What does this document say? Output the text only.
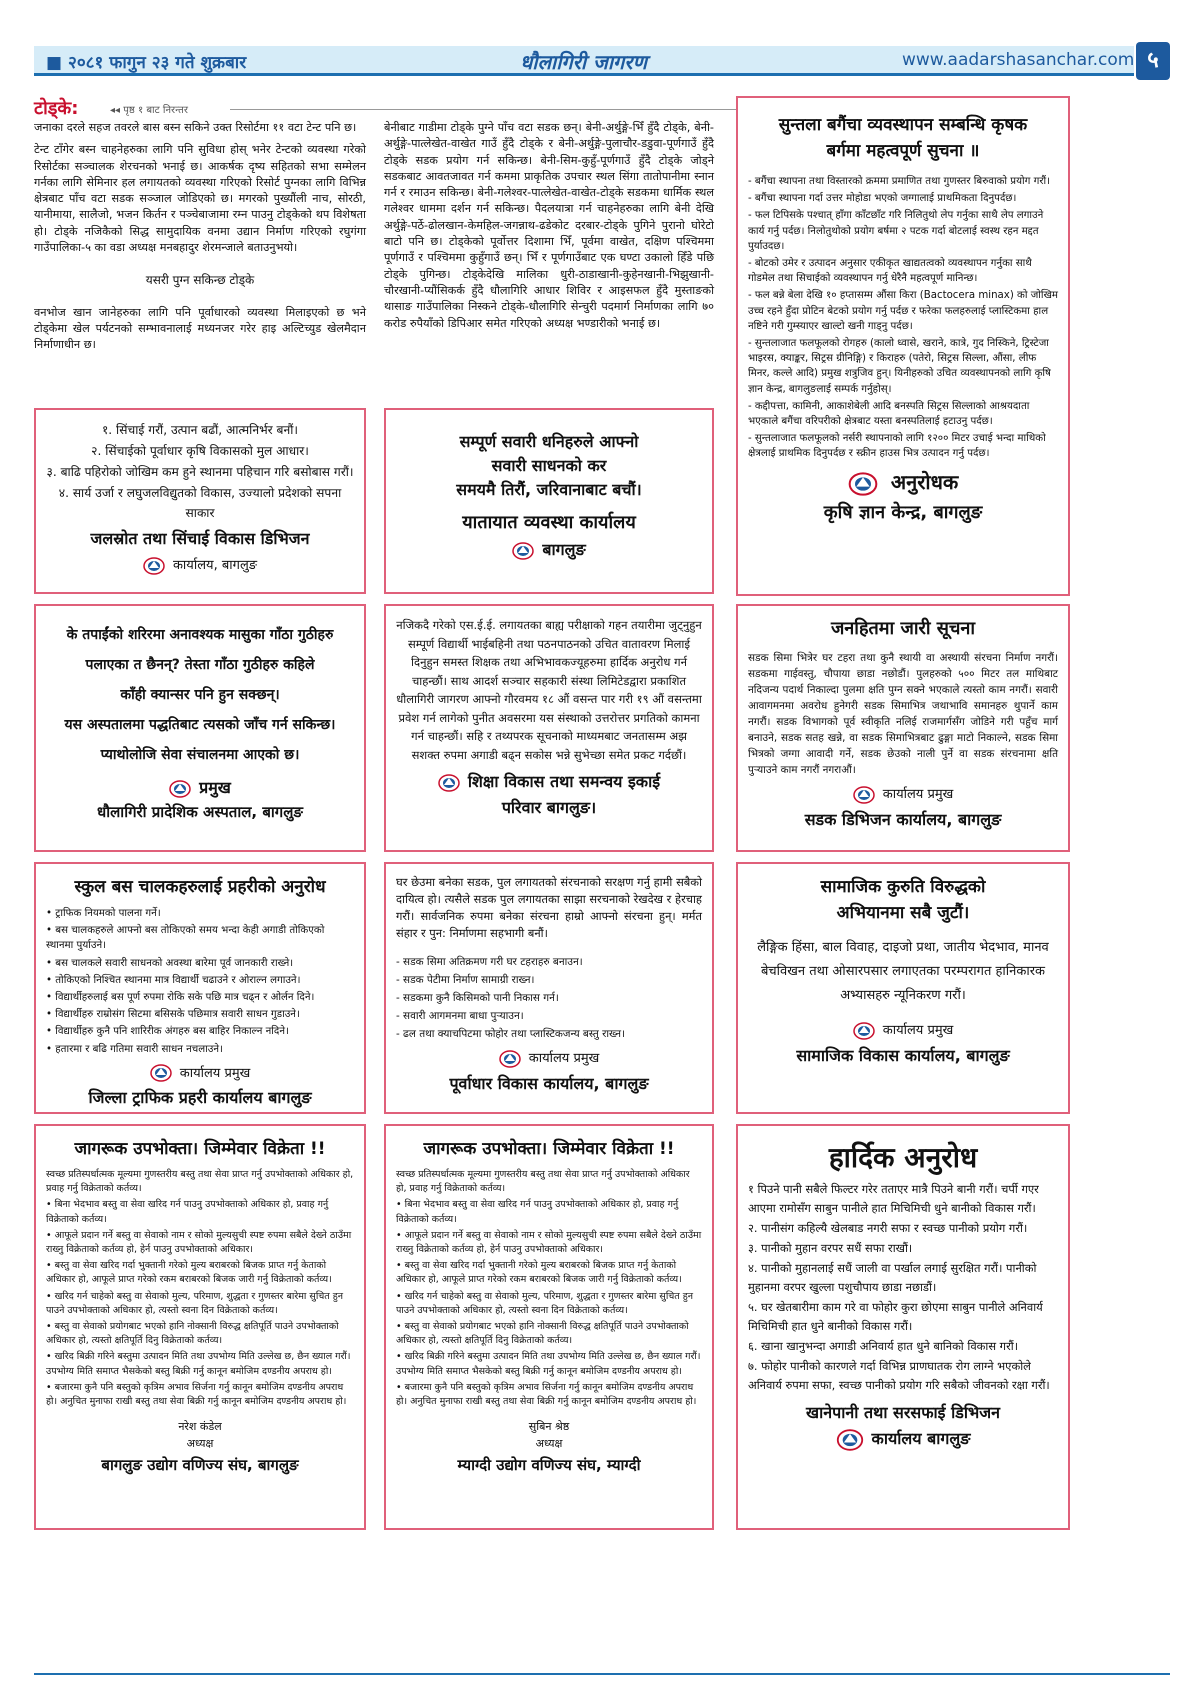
■ २०८१ फागुन २३ गते शुक्रबार	धौलागिरी जागरण	www.aadarshasanchar.com ५
टोड्के:	◂◂ पृष्ठ १ बाट निरन्तर

जनाका दरले सहज तवरले बास बस्न सकिने उक्त रिसोर्टमा ११ वटा टेन्ट पनि छ।

टेन्ट टाँगेर बस्न चाहनेहरुका लागि पनि सुविधा होस् भनेर टेन्टको व्यवस्था गरेको रिसोर्टका सञ्चालक शेरचनको भनाई छ। आकर्षक दृष्य सहितको सभा सम्मेलन गर्नका लागि सेमिनार हल लगायतको व्यवस्था गरिएको रिसोर्ट पुग्नका लागि विभिन्न क्षेत्रबाट पाँच वटा सडक सञ्जाल जोडिएको छ। मगरको पुख्यौंली नाच, सोरठी, यानीमाया, सालैजो, भजन किर्तन र पञ्चेबाजामा रम्न पाउनु टोड्केको थप विशेषता हो। टोड्के नजिकैको सिद्ध सामुदायिक वनमा उद्यान निर्माण गरिएको रघुगंगा गाउँपालिका-५ का वडा अध्यक्ष मनबहादुर शेरमन्जाले बताउनुभयो।

यसरी पुग्न सकिन्छ टोड्के

वनभोज खान जानेहरुका लागि पनि पूर्वाधारको व्यवस्था मिलाइएको छ भने टोड्केमा खेल पर्यटनको सम्भावनालाई मध्यनजर गरेर हाइ अल्टिच्युड खेलमैदान निर्माणाधीन छ।

बेनीबाट गाडीमा टोड्के पुग्ने पाँच वटा सडक छन्। बेनी-अर्थुङ्गे-भिँ हुँदै टोड्के, बेनी-अर्थुङ्गे-पात्लेखेत-वाखेत गाउँ हुँदै टोड्के र बेनी-अर्थुङ्गे-पुलाचौर-डडुवा-पूर्णगाउँ हुँदै टोड्के सडक प्रयोग गर्न सकिन्छ। बेनी-सिम-कुहुँ-पूर्णगाउँ हुँदै टोड्के जोड्ने सडकबाट आवतजावत गर्न कममा प्राकृतिक उपचार स्थल सिंगा तातोपानीमा स्नान गर्न र रमाउन सकिन्छ। बेनी-गलेश्वर-पात्लेखेत-वाखेत-टोड्के सडकमा धार्मिक स्थल गलेश्वर धाममा दर्शन गर्न सकिन्छ। पैदलयात्रा गर्न चाहनेहरुका लागि बेनी देखि अर्थुङ्गे-पर्ठे-ढोलखान-केमहिल-जगन्नाथ-ढडेकोट दरबार-टोड्के पुगिने पुरानो घोरेटो बाटो पनि छ। टोड्केको पूर्वोत्तर दिशामा भिँ, पूर्वमा वाखेत, दक्षिण पश्चिममा पूर्णगाउँ र पश्चिममा कुहुँगाउँ छन्। भिँ र पूर्णगाउँबाट एक घण्टा उकालो हिँडे पछि टोड्के पुगिन्छ। टोड्केदेखि मालिका धुरी-ठाडाखानी-कुहेनखानी-भिझुखानी-चौरखानी-प्यौंसिकर्क हुँदै धौलागिरि आधार शिविर र आइसफल हुँदै मुस्ताङको थासाङ गाउँपालिका निस्कने टोड्के-धौलागिरि सेन्चुरी पदमार्ग निर्माणका लागि ७० करोड रुपैयाँको डिपिआर समेत गरिएको अध्यक्ष भण्डारीको भनाई छ।

सुन्तला बगैंचा व्यवस्थापन सम्बन्धि कृषक बर्गमा महत्वपूर्ण सुचना ॥
- बगैंचा स्थापना तथा विस्तारको क्रममा प्रमाणित तथा गुणस्तर बिरुवाको प्रयोग गरौं।
- बगैंचा स्थापना गर्दा उत्तर मोहोडा भएको जग्गालाई प्राथमिकता दिनुपर्दछ।
- फल टिपिसके पश्चात् हाँगा काँटछाँट गरि निलितुथो लेप गर्नुका साथै लेप लगाउने कार्य गर्नु पर्दछ। निलोतुथोको प्रयोग बर्षमा २ पटक गर्दा बोटलाई स्वस्थ रहन मद्दत पुर्याउदछ।
- बोटको उमेर र उत्पादन अनुसार एकीकृत खाद्यतत्वको व्यवस्थापन गर्नुका साथै गोडमेल तथा सिचाईको व्यवस्थापन गर्नु धेरैनै महत्वपूर्ण मानिन्छ।
- फल बन्ने बेला देखि १० हप्तासम्म औंसा किरा (Bactocera minax) को जोखिम उच्च रहने हुँदा प्रोटिन बेटको प्रयोग गर्नु पर्दछ र फरेका फलहरुलाई प्लास्टिकमा हाल नष्टिने गरी गुम्स्याएर खाल्टो खनी गाड्नु पर्दछ।
- सुन्तलाजात फलफूलको रोगहरु (कालो ध्वासे, खराने, कात्रे, गुद निस्किने, ट्रिस्टेजा भाइरस, क्याङ्कर, सिट्रस ग्रीनिङ्गि) र किराहरु (पतेरो, सिट्रस सिल्ला, औंसा, लीफ मिनर, कल्ले आदि) प्रमुख शत्रुजिव हुन्। यिनीहरुको उचित व्यवस्थापनको लागि कृषि ज्ञान केन्द्र, बागलुङलाई सम्पर्क गर्नुहोस्।
- कद्दीपत्ता, कामिनी, आकाशेबेली आदि बनस्पति सिट्रस सिल्लाको आश्रयदाता भएकाले बगैंचा वरिपरीको क्षेत्रबाट यस्ता बनस्पतिलाई हटाउनु पर्दछ।
- सुन्तलाजात फलफूलको नर्सरी स्थापनाको लागि १२०० मिटर उचाई भन्दा माथिको क्षेत्रलाई प्राथमिक दिनुपर्दछ र स्क्रीन हाउस भित्र उत्पादन गर्नु पर्दछ।
अनुरोधक
कृषि ज्ञान केन्द्र, बागलुङ
१. सिंचाई गरौं, उत्पान बढौं, आत्मनिर्भर बनौं।
२. सिंचाईको पूर्वाधार कृषि विकासको मुल आधार।
३. बाढि पहिरोको जोखिम कम हुने स्थानमा पहिचान गरि बसोबास गरौं।
४. सार्य उर्जा र लघुजलविद्युतको विकास, उज्यालो प्रदेशको सपना साकार
जलस्रोत तथा सिंचाई विकास डिभिजन
कार्यालय, बागलुङ
सम्पूर्ण सवारी धनिहरुले आफ्नो
सवारी साधनको कर
समयमै तिरौं, जरिवानाबाट बचौं।
यातायात व्यवस्था कार्यालय
बागलुङ
के तपाईंको शरिरमा अनावश्यक मासुका गाँठा गुठीहरु
पलाएका त छैनन्? तेस्ता गाँठा गुठीहरु कहिले
काँही क्यान्सर पनि हुन सक्छन्।
यस अस्पतालमा पद्धतिबाट त्यसको जाँच गर्न सकिन्छ।
प्याथोलोजि सेवा संचालनमा आएको छ।
प्रमुख
धौलागिरी प्रादेशिक अस्पताल, बागलुङ
नजिकदै गरेको एस.ई.ई. लगायतका बाह्य परीक्षाको गहन तयारीमा जुट्नुहुन सम्पूर्ण विद्यार्थी भाईबहिनी तथा पठनपाठनको उचित वातावरण मिलाई दिनुहुन समस्त शिक्षक तथा अभिभावकज्यूहरुमा हार्दिक अनुरोध गर्न चाहन्छौं। साथ आदर्श सञ्चार सहकारी संस्था लिमिटेडद्वारा प्रकाशित धौलागिरी जागरण आफ्नो गौरवमय १८ औं वसन्त पार गरी १९ औं वसन्तमा प्रवेश गर्न लागेको पुनीत अवसरमा यस संस्थाको उत्तरोत्तर प्रगतिको कामना गर्न चाहन्छौं। सहि र तथ्यपरक सूचनाको माध्यमबाट जनतासम्म अझ सशक्त रुपमा अगाडी बढ्न सकोस भन्ने सुभेच्छा समेत प्रकट गर्दछौं।
शिक्षा विकास तथा समन्वय इकाई
परिवार बागलुङ।
जनहितमा जारी सूचना
सडक सिमा भित्रेर घर टहरा तथा कुनै स्थायी वा अस्थायी संरचना निर्माण नगरौं। सडकमा गाईवस्तु, चौपाया छाडा नछोडौं। पुलहरुको ५०० मिटर तल माथिबाट नदिजन्य पदार्थ निकाल्दा पुलमा क्षति पुग्न सक्ने भएकाले त्यस्तो काम नगरौं। सवारी आवागमनमा अवरोध हुनेगरी सडक सिमाभित्र जथाभावि समानहरु थुपार्ने काम नगरौं। सडक विभागको पूर्व स्वीकृति नलिई राजमार्गसँग जोडिने गरी पहुँच मार्ग बनाउने, सडक सतह खन्ने, वा सडक सिमाभित्रबाट ढुङ्गा माटो निकाल्ने, सडक सिमा भित्रको जग्गा आवादी गर्ने, सडक छेउको नाली पुर्ने वा सडक संरचनामा क्षति पुऱ्याउने काम नगरौं नगराऔं।
कार्यालय प्रमुख
सडक डिभिजन कार्यालय, बागलुङ
स्कुल बस चालकहरुलाई प्रहरीको अनुरोध
• ट्राफिक नियमको पालना गर्ने।
• बस चालकहरुले आफ्नो बस तोकिएको समय भन्दा केही अगाडी तोकिएको स्थानमा पुर्याउने।
• बस चालकले सवारी साधनको अवस्था बारेमा पूर्व जानकारी राख्ने।
• तोकिएको निश्चित स्थानमा मात्र विद्यार्थी चढाउने र ओराल्न लगाउने।
• विद्यार्थीहरुलाई बस पूर्ण रुपमा रोकि सके पछि मात्र चढ्न र ओर्लन दिने।
• विद्यार्थीहरु राम्रोसंग सिटमा बसिसके पछिमात्र सवारी साधन गुडाउने।
• विद्यार्थीहरु कुनै पनि शारिरीक अंगहरु बस बाहिर निकाल्न नदिने।
• हतारमा र बढि गतिमा सवारी साधन नचलाउने।
कार्यालय प्रमुख
जिल्ला ट्राफिक प्रहरी कार्यालय बागलुङ
घर छेउमा बनेका सडक, पुल लगायतको संरचनाको सरक्षण गर्नु हामी सबैको दायित्व हो। त्यसैले सडक पुल लगायतका साझा सरचनाको रेखदेख र हेरचाह गरौं। सार्वजनिक रुपमा बनेका संरचना हाम्रो आफ्नो संरचना हुन्। मर्मत संहार र पुन: निर्माणमा सहभागी बनौं।
- सडक सिमा अतिक्रमण गरी घर टहराहरु बनाउन।
- सडक पेटीमा निर्माण सामाग्री राख्न।
- सडकमा कुनै किसिमको पानी निकास गर्न।
- सवारी आगमनमा बाधा पुर्‍याउन।
- ढल तथा क्याचपिटमा फोहोर तथा प्लास्टिकजन्य बस्तु राख्न।
कार्यालय प्रमुख
पूर्वाधार विकास कार्यालय, बागलुङ
सामाजिक कुरुति विरुद्धको
अभियानमा सबै जुटौं।
लैङ्गिक हिंसा, बाल विवाह, दाइजो प्रथा, जातीय भेदभाव, मानव बेचविखन तथा ओसारपसार लगाएतका परम्परागत हानिकारक अभ्यासहरु न्यूनिकरण गरौं।
कार्यालय प्रमुख
सामाजिक विकास कार्यालय, बागलुङ
जागरूक उपभोक्ता। जिम्मेवार विक्रेता !!
स्वच्छ प्रतिस्पर्धात्मक मूल्यमा गुणस्तरीय बस्तु तथा सेवा प्राप्त गर्नु उपभोक्ताको अधिकार हो, प्रवाह गर्नु विक्रेताको कर्तव्य।
• बिना भेदभाव बस्तु वा सेवा खरिद गर्न पाउनु उपभोक्ताको अधिकार हो, प्रवाह गर्नु विक्रेताको कर्तव्य।
• आफूले प्रदान गर्ने बस्तु वा सेवाको नाम र सोको मुल्यसुची स्पष्ट रुपमा सबैले देख्ने ठाउँमा राख्नु विक्रेताको कर्तव्य हो, हेर्न पाउनु उपभोक्ताको अधिकार।
• बस्तु वा सेवा खरिद गर्दा भुक्तानी गरेको मुल्य बराबरको बिजक प्राप्त गर्नु केताको अधिकार हो, आफूले प्राप्त गरेको रकम बराबरको बिजक जारी गर्नु विक्रेताको कर्तव्य।
• खरिद गर्न चाहेको बस्तु वा सेवाको मुल्य, परिमाण, शुद्धता र गुणस्तर बारेमा सुचित हुन पाउने उपभोक्ताको अधिकार हो, त्यस्तो स्वना दिन विक्रेताको कर्तव्य।
• बस्तु वा सेवाको प्रयोगबाट भएको हानि नोक्सानी विरुद्ध क्षतिपूर्ति पाउने उपभोक्ताको अधिकार हो, त्यस्तो क्षतिपूर्ति दिनु विक्रेताको कर्तव्य।
• खरिद बिक्री गरिने बस्तुमा उत्पादन मिति तथा उपभोग्य मिति उल्लेख छ, छैन ख्याल गरौं। उपभोग्य मिति समाप्त भैसकेको बस्तु बिक्री गर्नु कानून बमोजिम दण्डनीय अपराध हो।
• बजारमा कुनै पनि बस्तुको कृत्रिम अभाव सिर्जना गर्नु कानून बमोजिम दण्डनीय अपराध हो। अनुचित मुनाफा राखी बस्तु तथा सेवा बिक्री गर्नु कानून बमोजिम दण्डनीय अपराध हो।
नरेश कंडेल
अध्यक्ष
बागलुङ उद्योग वणिज्य संघ, बागलुङ
जागरूक उपभोक्ता। जिम्मेवार विक्रेता !!
स्वच्छ प्रतिस्पर्धात्मक मूल्यमा गुणस्तरीय बस्तु तथा सेवा प्राप्त गर्नु उपभोक्ताको अधिकार हो, प्रवाह गर्नु विक्रेताको कर्तव्य।
• बिना भेदभाव बस्तु वा सेवा खरिद गर्न पाउनु उपभोक्ताको अधिकार हो, प्रवाह गर्नु विक्रेताको कर्तव्य।
• आफूले प्रदान गर्ने बस्तु वा सेवाको नाम र सोको मुल्यसुची स्पष्ट रुपमा सबैले देख्ने ठाउँमा राख्नु विक्रेताको कर्तव्य हो, हेर्न पाउनु उपभोक्ताको अधिकार।
• बस्तु वा सेवा खरिद गर्दा भुक्तानी गरेको मुल्य बराबरको बिजक प्राप्त गर्नु केताको अधिकार हो, आफूले प्राप्त गरेको रकम बराबरको बिजक जारी गर्नु विक्रेताको कर्तव्य।
• खरिद गर्न चाहेको बस्तु वा सेवाको मुल्य, परिमाण, शुद्धता र गुणस्तर बारेमा सुचित हुन पाउने उपभोक्ताको अधिकार हो, त्यस्तो स्वना दिन विक्रेताको कर्तव्य।
• बस्तु वा सेवाको प्रयोगबाट भएको हानि नोक्सानी विरुद्ध क्षतिपूर्ति पाउने उपभोक्ताको अधिकार हो, त्यस्तो क्षतिपूर्ति दिनु विक्रेताको कर्तव्य।
• खरिद बिक्री गरिने बस्तुमा उत्पादन मिति तथा उपभोग्य मिति उल्लेख छ, छैन ख्याल गरौं। उपभोग्य मिति समाप्त भैसकेको बस्तु बिक्री गर्नु कानून बमोजिम दण्डनीय अपराध हो।
• बजारमा कुनै पनि बस्तुको कृत्रिम अभाव सिर्जना गर्नु कानून बमोजिम दण्डनीय अपराध हो। अनुचित मुनाफा राखी बस्तु तथा सेवा बिक्री गर्नु कानून बमोजिम दण्डनीय अपराध हो।
सुबिन श्रेष्ठ
अध्यक्ष
म्याग्दी उद्योग वणिज्य संघ, म्याग्दी
हार्दिक अनुरोध
१ पिउने पानी सबैले फिल्टर गरेर तताएर मात्रै पिउने बानी गरौं। चर्पी गएर आएमा रामोसँग साबुन पानीले हात मिचिमिची धुने बानीको विकास गरौं।
२. पानीसंग कहिल्यै खेलबाड नगरी सफा र स्वच्छ पानीको प्रयोग गरौं।
३. पानीको मुहान वरपर सधैं सफा राखौं।
४. पानीको मुहानलाई सधैं जाली वा पर्खाल लगाई सुरक्षित गरौं। पानीको मुहानमा वरपर खुल्ला पशुचौपाय छाडा नछाडौं।
५. घर खेतबारीमा काम गरे वा फोहोर कुरा छोएमा साबुन पानीले अनिवार्य मिचिमिची हात धुने बानीको विकास गरौं।
६. खाना खानुभन्दा अगाडी अनिवार्य हात धुने बानिको विकास गरौं।
७. फोहोर पानीको कारणले गर्दा विभिन्न प्राणघातक रोग लाग्ने भएकोले अनिवार्य रुपमा सफा, स्वच्छ पानीको प्रयोग गरि सबैको जीवनको रक्षा गरौं।
खानेपानी तथा सरसफाई डिभिजन
कार्यालय बागलुङ
